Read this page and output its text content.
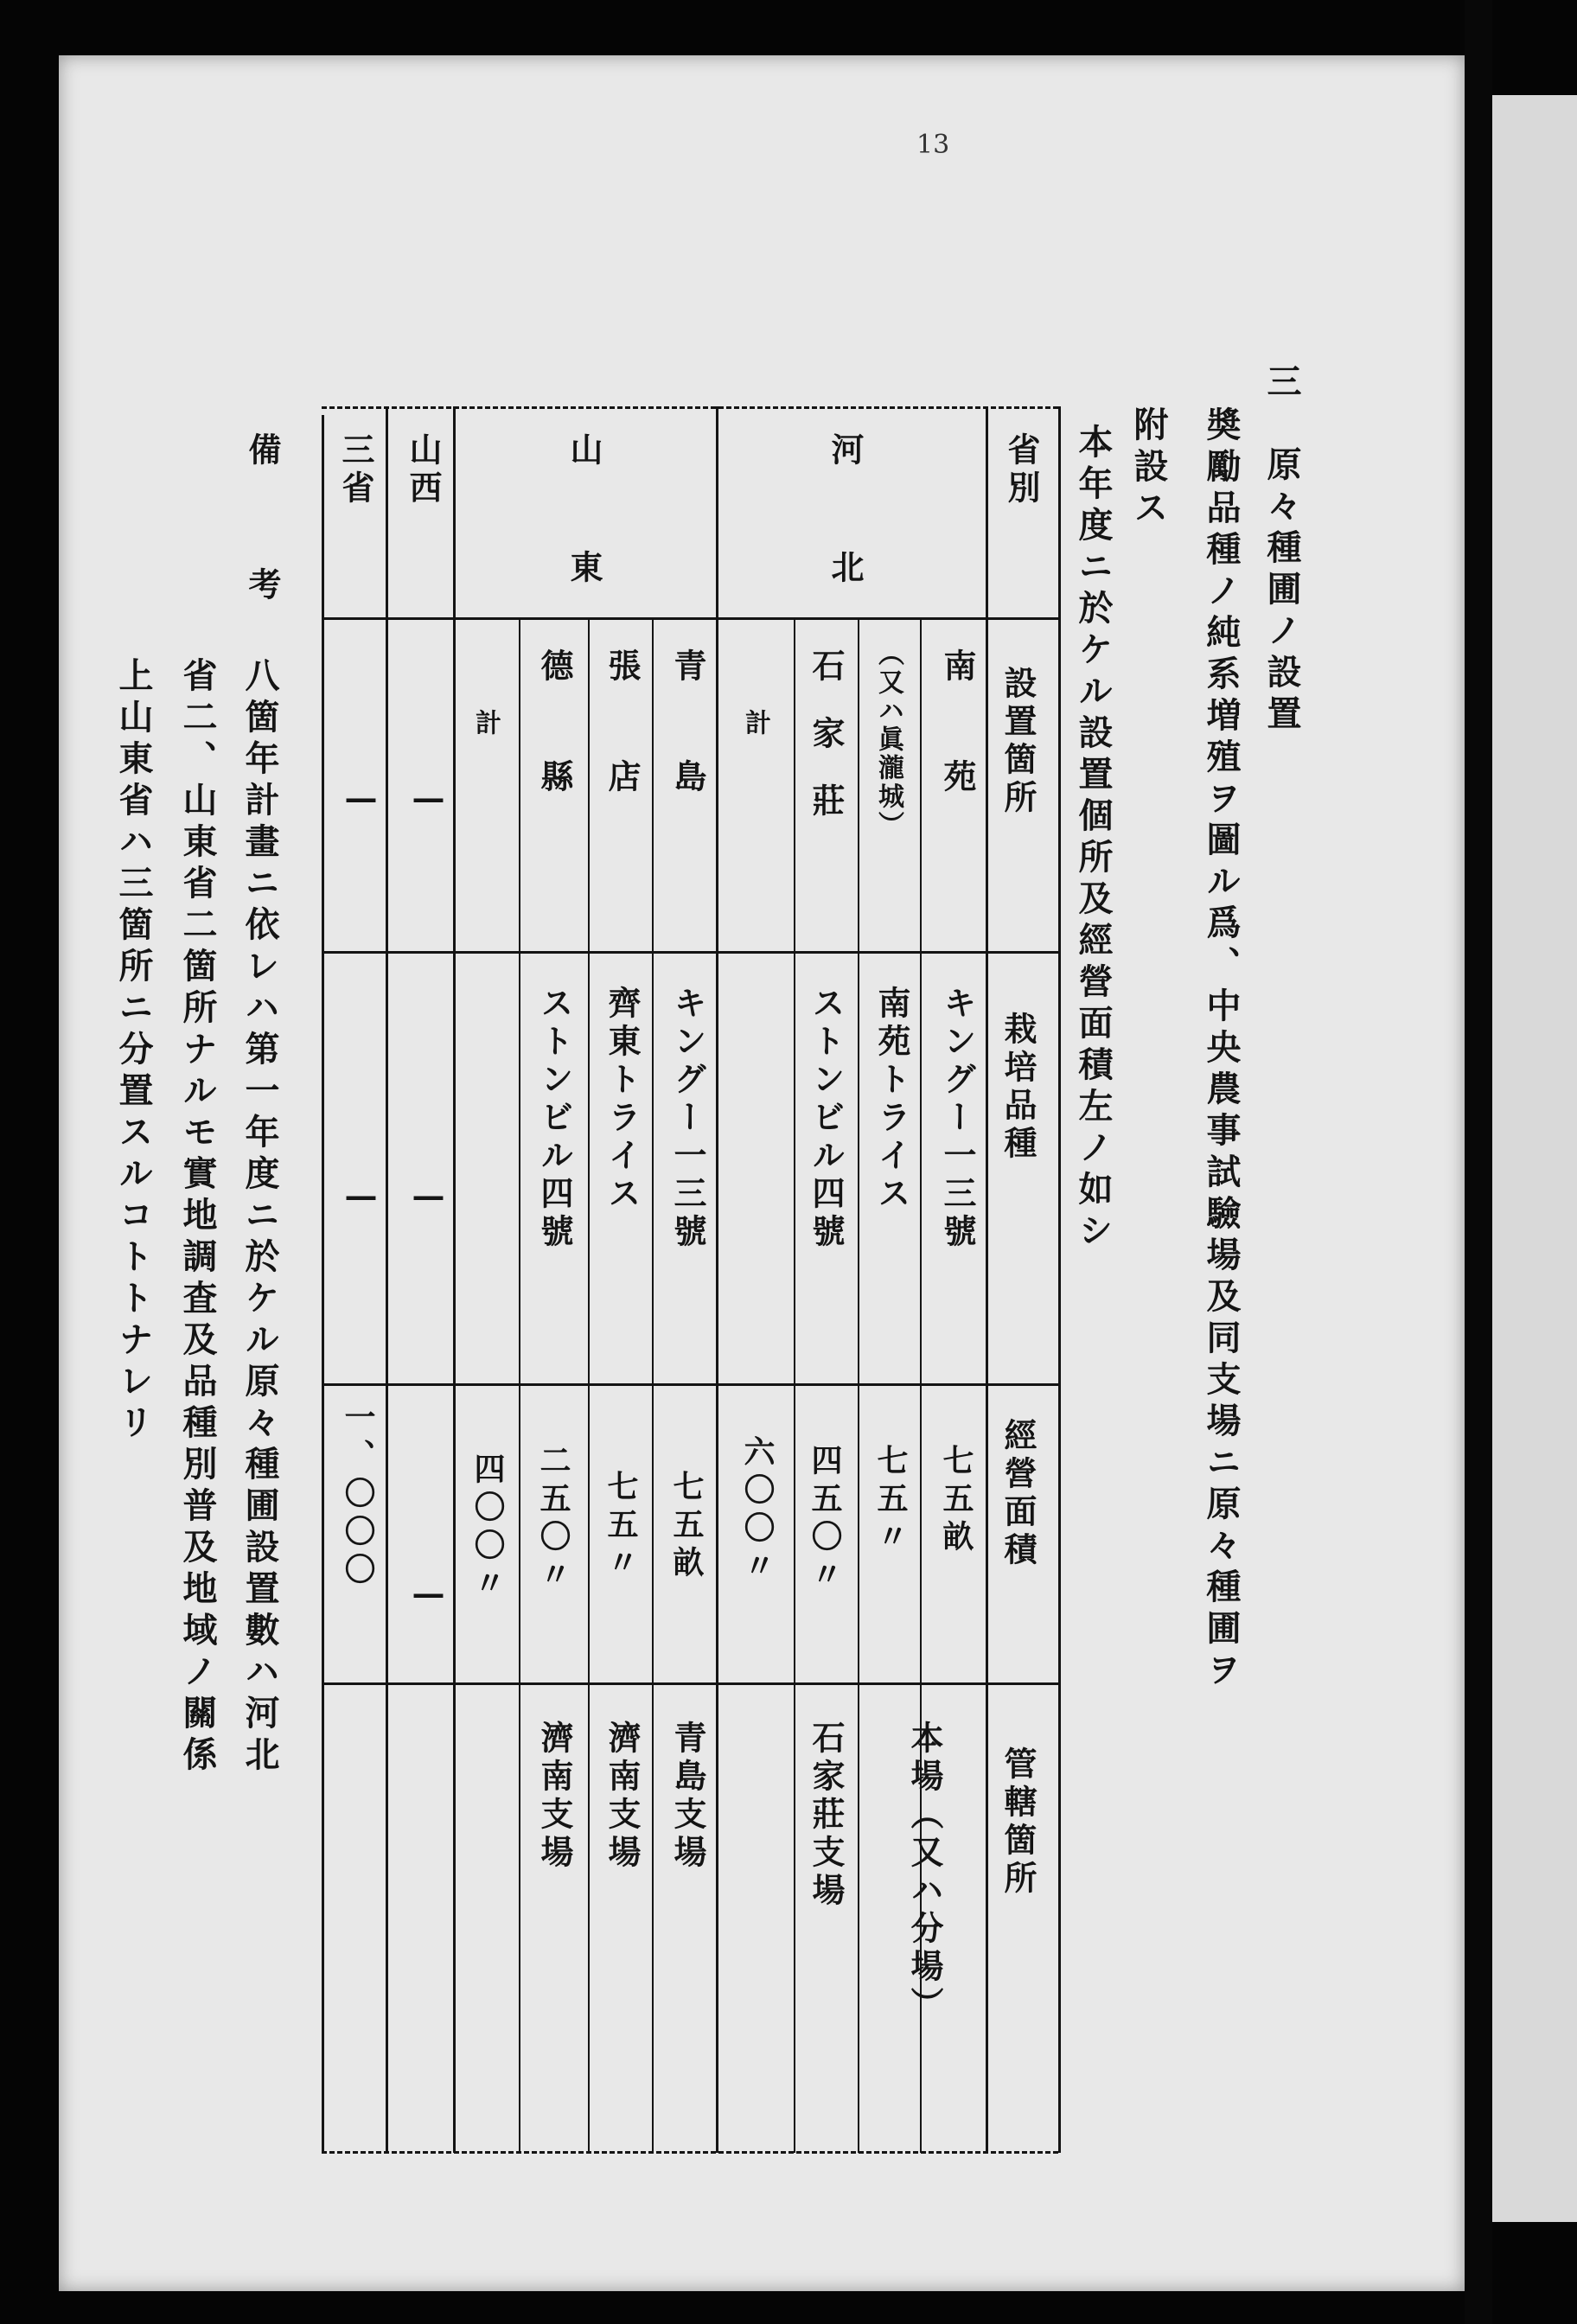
13
三　原々種圃ノ設置
奬勵品種ノ純系増殖ヲ圖ル爲、中央農事試驗場及同支場ニ原々種圃ヲ
附設ス
本年度ニ於ケル設置個所及經營面積左ノ如シ
省別
設置箇所
栽培品種
經營面積
管轄箇所
河　北
山　東
山西
三省
南苑
（又ハ眞瀧城）
キングー一三號
南苑トライス
七五畝
七五〃
本場（又ハ分場）
石家莊
ストンビル四號
四五〇〃
石家莊支場
計
六〇〇〃
青島
キングー一三號
七五畝
青島支場
張店
齊東トライス
七五〃
濟南支場
德縣
ストンビル四號
二五〇〃
濟南支場
計
四〇〇〃
—
—
—
—
—
一、〇〇〇
備　考
八箇年計畫ニ依レハ第一年度ニ於ケル原々種圃設置數ハ河北
省二、山東省二箇所ナルモ實地調査及品種別普及地域ノ關係
上山東省ハ三箇所ニ分置スルコトトナレリ
